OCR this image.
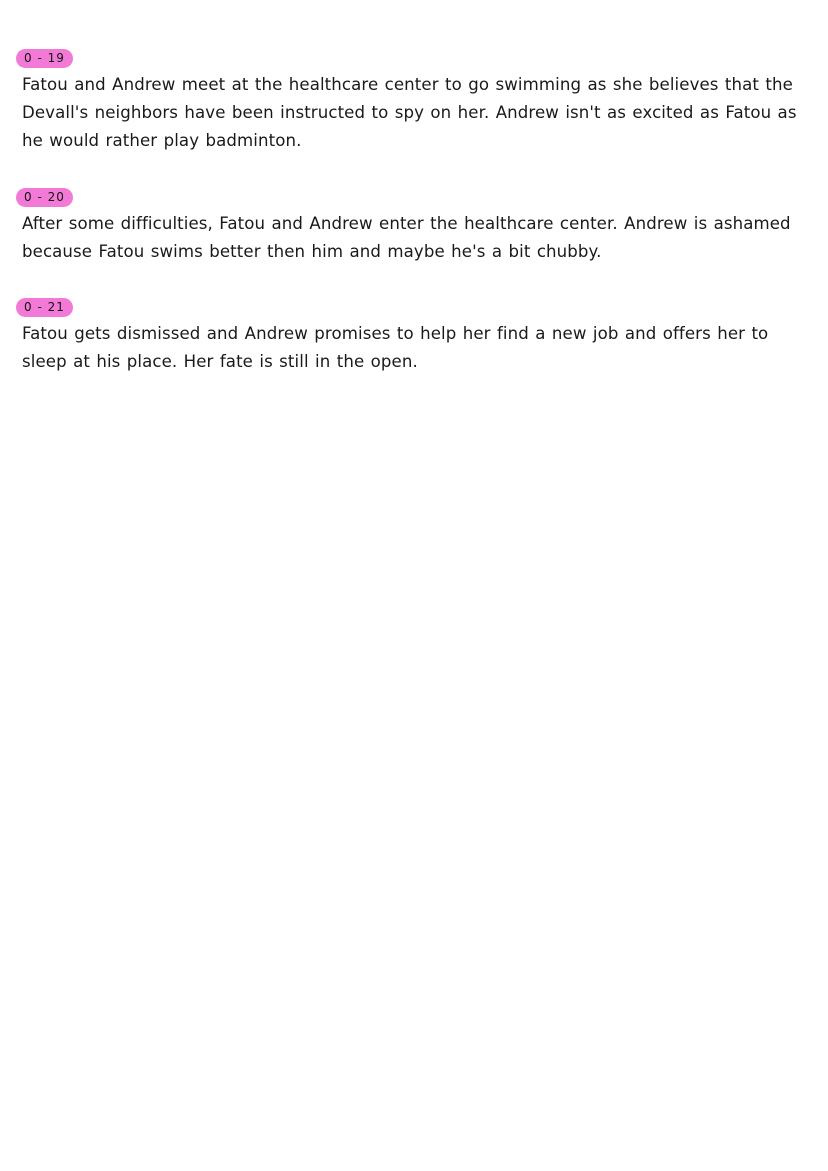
0 - 19

Fatou and Andrew meet at the healthcare center to go swimming as she believes that the Devall's neighbors have been instructed to spy on her. Andrew isn't as excited as Fatou as he would rather play badminton.

0 - 20

After some difficulties, Fatou and Andrew enter the healthcare center. Andrew is ashamed because Fatou swims better then him and maybe he's a bit chubby.

0 - 21

Fatou gets dismissed and Andrew promises to help her find a new job and offers her to sleep at his place. Her fate is still in the open.
